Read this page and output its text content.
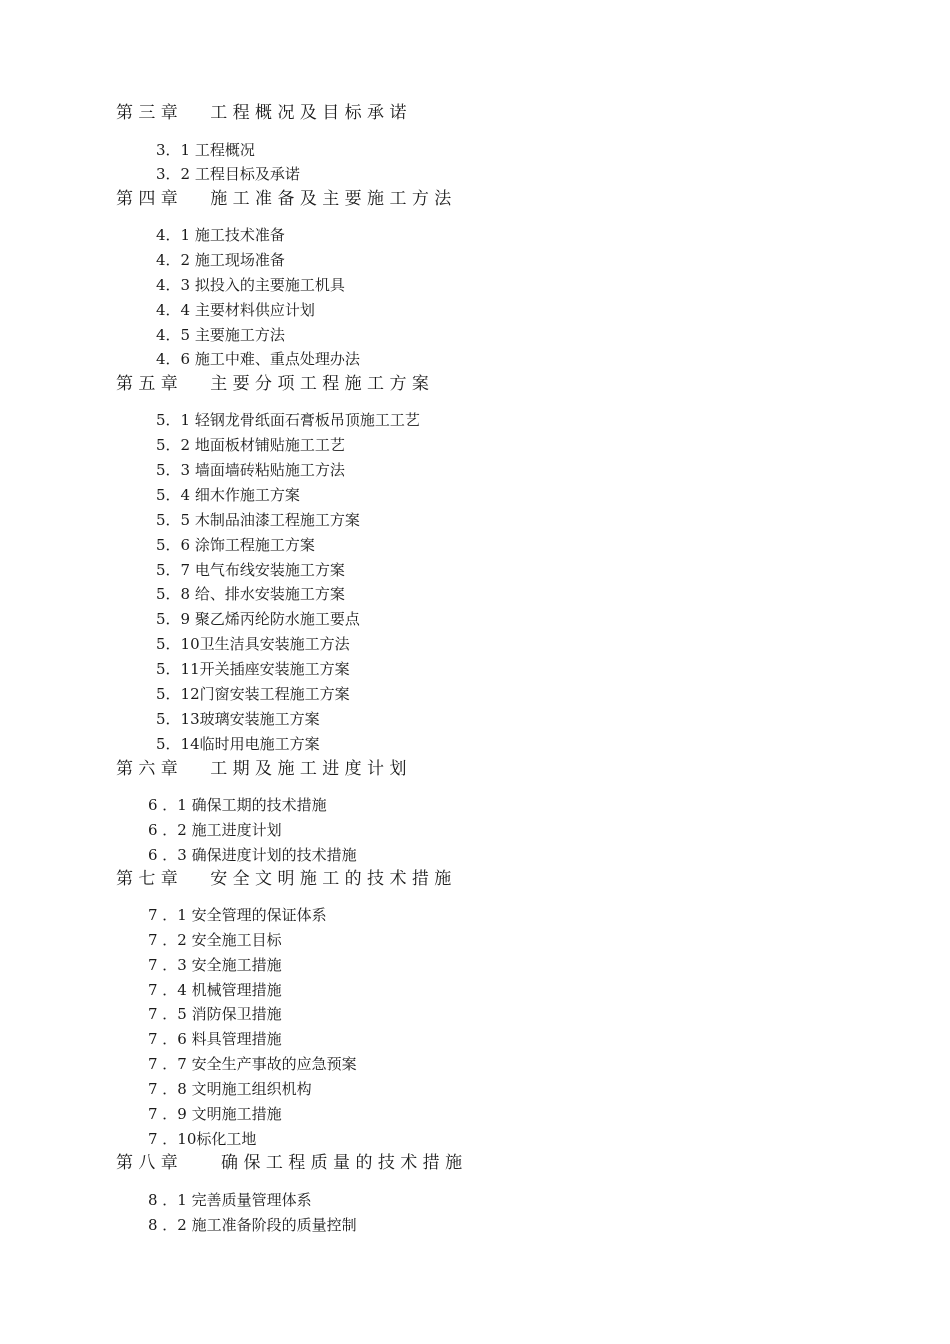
第 三 章      工 程 概 况 及 目 标 承 诺
3．1 工程概况
3．2 工程目标及承诺
第 四 章      施 工 准 备 及 主 要 施 工 方 法
4．1 施工技术准备
4．2 施工现场准备
4．3 拟投入的主要施工机具
4．4 主要材料供应计划
4．5 主要施工方法
4．6 施工中难、重点处理办法
第 五 章      主 要 分 项 工 程 施 工 方 案
5．1 轻钢龙骨纸面石膏板吊顶施工工艺
5．2 地面板材铺贴施工工艺
5．3 墙面墙砖粘贴施工方法
5．4 细木作施工方案
5．5 木制品油漆工程施工方案
5．6 涂饰工程施工方案
5．7 电气布线安装施工方案
5．8 给、排水安装施工方案
5．9 聚乙烯丙纶防水施工要点
5．10卫生洁具安装施工方法
5．11开关插座安装施工方案
5．12门窗安装工程施工方案
5．13玻璃安装施工方案
5．14临时用电施工方案
第 六 章      工 期 及 施 工 进 度 计 划
6 ．1 确保工期的技术措施
6 ．2 施工进度计划
6 ．3 确保进度计划的技术措施
第 七 章      安 全 文 明 施 工 的 技 术 措 施
7 ．1 安全管理的保证体系
7 ．2 安全施工目标
7 ．3 安全施工措施
7 ．4 机械管理措施
7 ．5 消防保卫措施
7 ．6 料具管理措施
7 ．7 安全生产事故的应急预案
7 ．8 文明施工组织机构
7 ．9 文明施工措施
7 ．10标化工地
第 八 章        确 保 工 程 质 量 的 技 术 措 施
8 ．1 完善质量管理体系
8 ．2 施工准备阶段的质量控制
